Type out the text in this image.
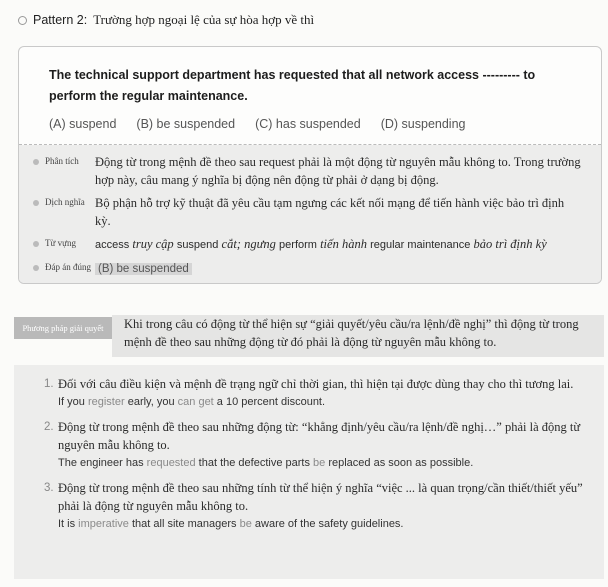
Pattern 2: Trường hợp ngoại lệ của sự hòa hợp về thì
The technical support department has requested that all network access --------- to perform the regular maintenance.
(A) suspend (B) be suspended (C) has suspended (D) suspending
Phân tích	Động từ trong mệnh đề theo sau request phải là một động từ nguyên mẫu không to. Trong trường hợp này, câu mang ý nghĩa bị động nên động từ phải ở dạng bị động.
Dịch nghĩa Bộ phận hỗ trợ kỹ thuật đã yêu cầu tạm ngưng các kết nối mạng để tiến hành việc bảo trì định kỳ.
Từ vựng	access truy cập suspend cắt; ngưng perform tiến hành regular maintenance bảo trì định kỳ
Đáp án đúng (B) be suspended
Phương pháp giải quyết	Khi trong câu có động từ thể hiện sự “giải quyết/yêu cầu/ra lệnh/đề nghị” thì động từ trong mệnh đề theo sau những động từ đó phải là động từ nguyên mẫu không to.
1. Đối với câu điều kiện và mệnh đề trạng ngữ chỉ thời gian, thì hiện tại được dùng thay cho thì tương lai.
If you register early, you can get a 10 percent discount.
2. Động từ trong mệnh đề theo sau những động từ: “khẳng định/yêu cầu/ra lệnh/đề nghị…” phải là động từ nguyên mẫu không to.
The engineer has requested that the defective parts be replaced as soon as possible.
3. Động từ trong mệnh đề theo sau những tính từ thể hiện ý nghĩa “việc ... là quan trọng/cần thiết/thiết yếu” phải là động từ nguyên mẫu không to.
It is imperative that all site managers be aware of the safety guidelines.
